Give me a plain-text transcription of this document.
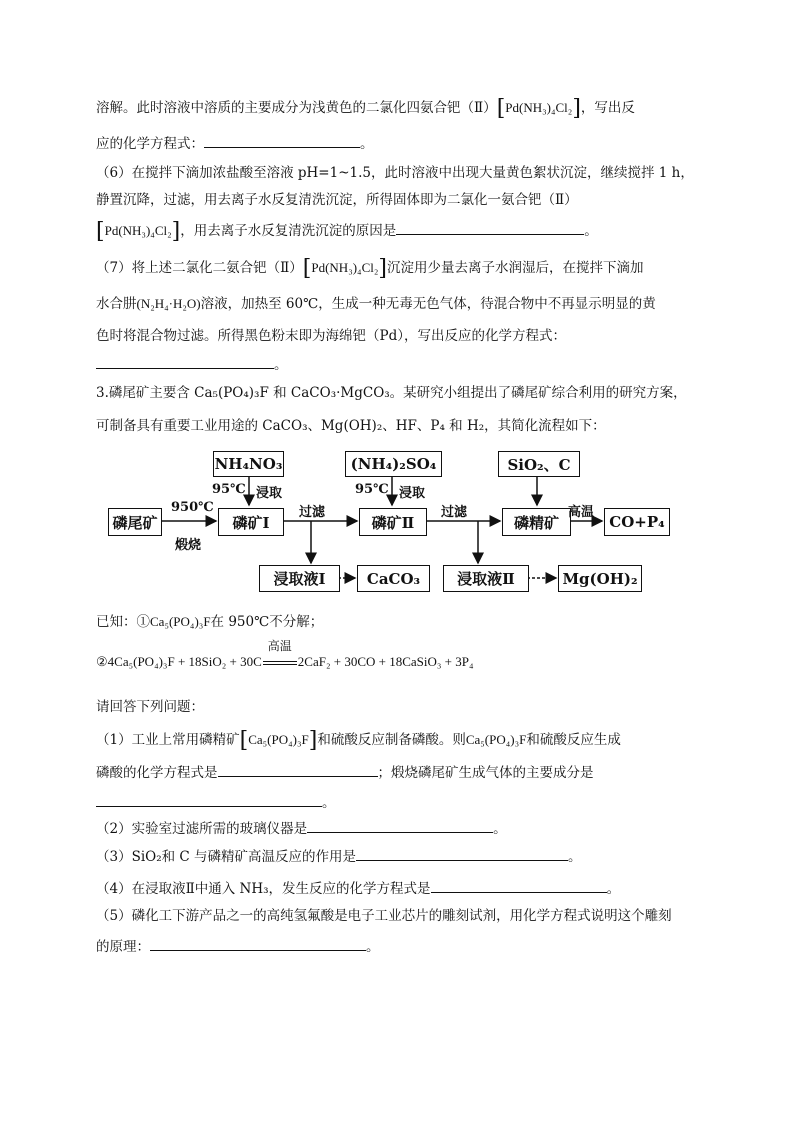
溶解。此时溶液中溶质的主要成分为浅黄色的二氯化四氨合钯（Ⅱ）[Pd(NH₃)₄Cl₂]，写出反
应的化学方程式：	。
（6）在搅拌下滴加浓盐酸至溶液 pH=1~1.5，此时溶液中出现大量黄色絮状沉淀，继续搅拌 1 h，
静置沉降，过滤，用去离子水反复清洗沉淀，所得固体即为二氯化一氨合钯（Ⅱ）
[Pd(NH₃)₄Cl₂]，用去离子水反复清洗沉淀的原因是	。
（7）将上述二氯化二氨合钯（Ⅱ）[Pd(NH₃)₄Cl₂]沉淀用少量去离子水润湿后，在搅拌下滴加
水合肼(N₂H₄·H₂O)溶液，加热至 60℃，生成一种无毒无色气体，待混合物中不再显示明显的黄
色时将混合物过滤。所得黑色粉末即为海绵钯（Pd），写出反应的化学方程式：
。
3.磷尾矿主要含 Ca₅(PO₄)₃F 和 CaCO₃·MgCO₃。某研究小组提出了磷尾矿综合利用的研究方案，
可制备具有重要工业用途的 CaCO₃、Mg(OH)₂、HF、P₄ 和 H₂，其简化流程如下：
NH₄NO₃	(NH₄)₂SO₄	SiO₂、C
磷尾矿	磷矿Ⅰ	磷矿Ⅱ	磷精矿	CO+P₄
浸取液Ⅰ	CaCO₃ 浸取液Ⅱ	Mg(OH)₂
950℃
煅烧
95℃ 浸取	95℃ 浸取
过滤	过滤	高温
已知：①Ca₅(PO₄)₃F在 950℃不分解；
②4Ca₅(PO₄)₃F + 18SiO₂ + 30C
高温
2CaF₂ + 30CO + 18CaSiO₃ + 3P₄
请回答下列问题：
（1）工业上常用磷精矿[Ca₅(PO₄)₃F]和硫酸反应制备磷酸。则Ca₅(PO₄)₃F和硫酸反应生成
磷酸的化学方程式是	；煅烧磷尾矿生成气体的主要成分是
。
（2）实验室过滤所需的玻璃仪器是	。
（3）SiO₂和 C 与磷精矿高温反应的作用是	。
（4）在浸取液Ⅱ中通入 NH₃，发生反应的化学方程式是	。
（5）磷化工下游产品之一的高纯氢氟酸是电子工业芯片的雕刻试剂，用化学方程式说明这个雕刻
的原理：	。
